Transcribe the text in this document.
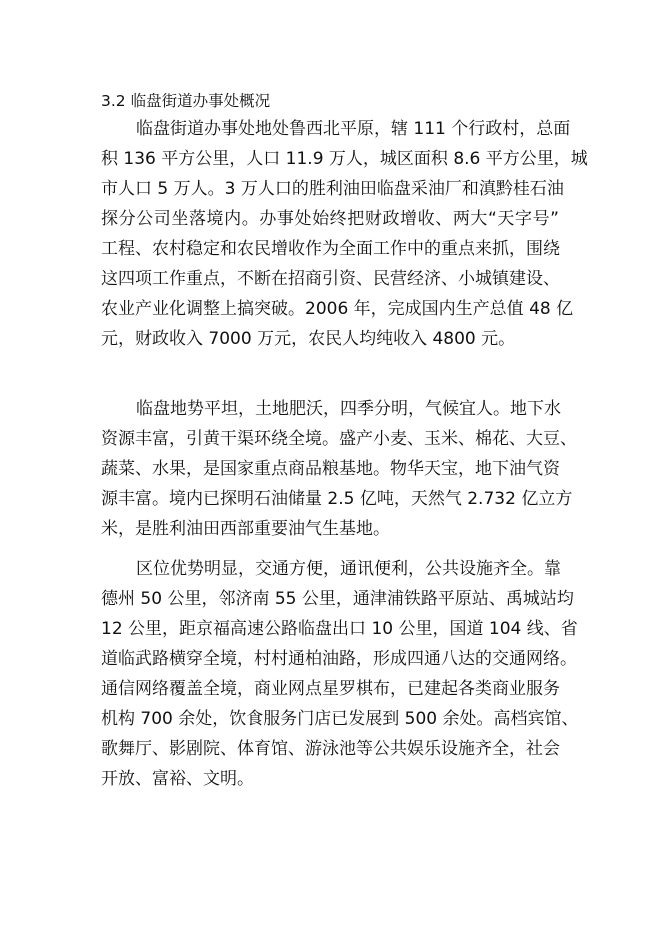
3.2 临盘街道办事处概况
临盘街道办事处地处鲁西北平原，辖 111 个行政村，总面
积 136 平方公里，人口 11.9 万人，城区面积 8.6 平方公里，城
市人口 5 万人。3 万人口的胜利油田临盘采油厂和滇黔桂石油
探分公司坐落境内。办事处始终把财政增收、两大“天字号”
工程、农村稳定和农民增收作为全面工作中的重点来抓，围绕
这四项工作重点，不断在招商引资、民营经济、小城镇建设、
农业产业化调整上搞突破。2006 年，完成国内生产总值 48 亿
元，财政收入 7000 万元，农民人均纯收入 4800 元。
临盘地势平坦，土地肥沃，四季分明，气候宜人。地下水
资源丰富，引黄干渠环绕全境。盛产小麦、玉米、棉花、大豆、
蔬菜、水果，是国家重点商品粮基地。物华天宝，地下油气资
源丰富。境内已探明石油储量 2.5 亿吨，天然气 2.732 亿立方
米，是胜利油田西部重要油气生基地。
区位优势明显，交通方便，通讯便利，公共设施齐全。靠
德州 50 公里，邻济南 55 公里，通津浦铁路平原站、禹城站均
12 公里，距京福高速公路临盘出口 10 公里，国道 104 线、省
道临武路横穿全境，村村通柏油路，形成四通八达的交通网络。
通信网络覆盖全境，商业网点星罗棋布，已建起各类商业服务
机构 700 余处，饮食服务门店已发展到 500 余处。高档宾馆、
歌舞厅、影剧院、体育馆、游泳池等公共娱乐设施齐全，社会
开放、富裕、文明。
